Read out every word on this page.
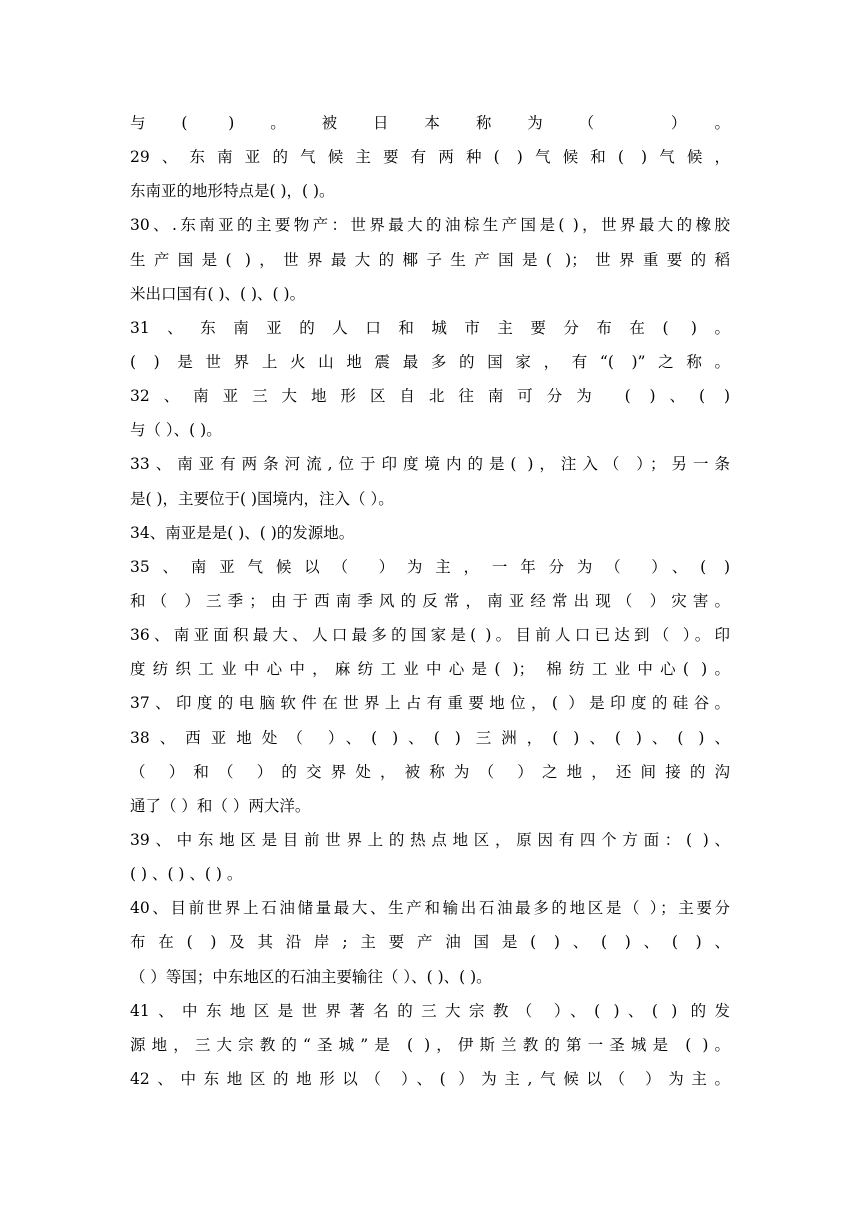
与( )。被日本称为（ ）。
29、东南亚的气候主要有两种( )气候和( )气候，
东南亚的地形特点是( )，( )。
30、.东南亚的主要物产：世界最大的油棕生产国是( )，世界最大的橡胶
生产国是( )，世界最大的椰子生产国是( )；世界重要的稻
米出口国有( )、( )、( )。
31、东南亚的人口和城市主要分布在( )。
( ) 是世界上火山地震最多的国家，有“( )”之称。
32、南亚三大地形区自北往南可分为 ( )、( )
与（ ）、( )。
33、南亚有两条河流,位于印度境内的是( )，注入（ ）；另一条
是( )，主要位于( )国境内，注入（ ）。
34、南亚是是( )、( )的发源地。
35、南亚气候以（ ）为主，一年分为（ ）、( )
和（ ）三季；由于西南季风的反常，南亚经常出现（ ）灾害。
36、南亚面积最大、人口最多的国家是( )。目前人口已达到（ ）。印
度纺织工业中心中，麻纺工业中心是( )； 棉纺工业中心( )。
37、印度的电脑软件在世界上占有重要地位，( ）是印度的硅谷。
38、西亚地处（ ）、( )、( ) 三洲，( )、( )、( )、
（ ）和（ ）的交界处，被称为（ ）之地，还间接的沟
通了（ ）和（ ）两大洋。
39、中东地区是目前世界上的热点地区，原因有四个方面：( )、
( ) 、( ) 、( ) 。
40、目前世界上石油储量最大、生产和输出石油最多的地区是（ ）；主要分
布在( )及其沿岸;主要产油国是( )、( )、( )、
（ ）等国；中东地区的石油主要输往（ ）、( )、( )。
41、中东地区是世界著名的三大宗教（ ）、( )、( ) 的发
源地，三大宗教的“圣城”是 ( )，伊斯兰教的第一圣城是 ( )。
42、中东地区的地形以（ ）、( ）为主,气候以（ ）为主。
